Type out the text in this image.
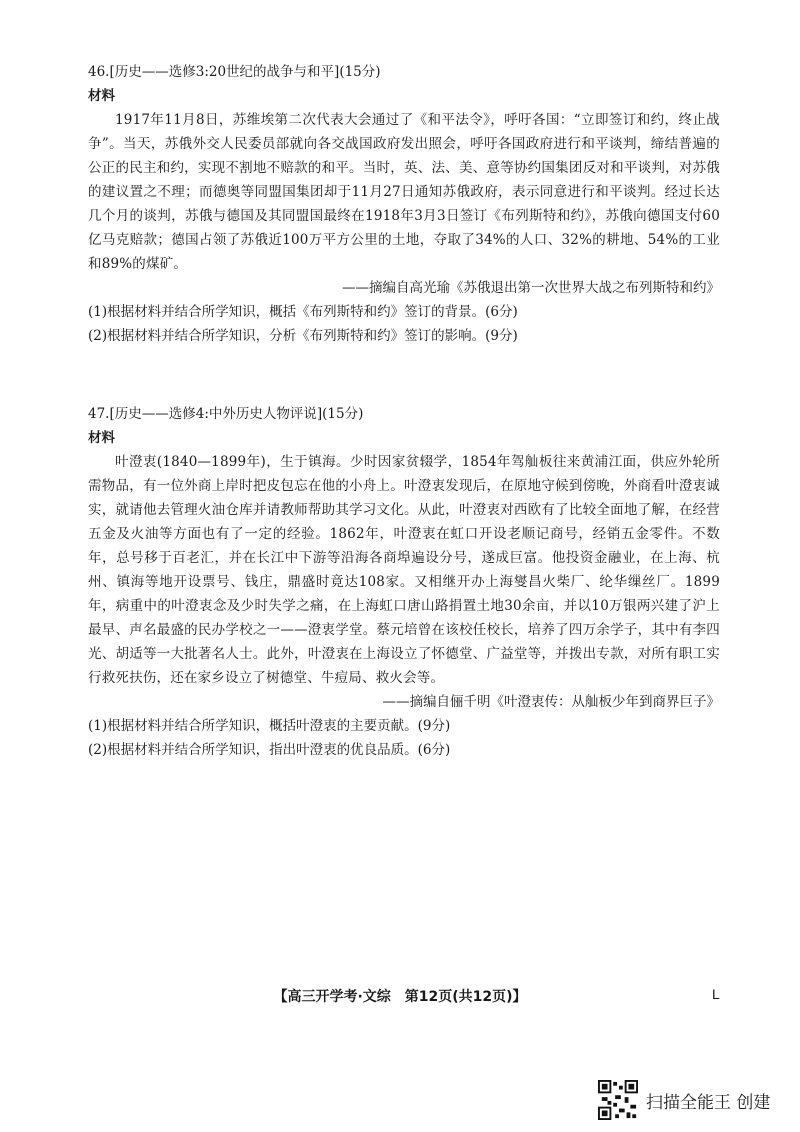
46.[历史——选修3:20世纪的战争与和平](15分)
材料
1917年11月8日，苏维埃第二次代表大会通过了《和平法令》，呼吁各国：“立即签订和约，终止战争”。当天，苏俄外交人民委员部就向各交战国政府发出照会，呼吁各国政府进行和平谈判，缔结普遍的公正的民主和约，实现不割地不赔款的和平。当时，英、法、美、意等协约国集团反对和平谈判，对苏俄的建议置之不理；而德奥等同盟国集团却于11月27日通知苏俄政府，表示同意进行和平谈判。经过长达几个月的谈判，苏俄与德国及其同盟国最终在1918年3月3日签订《布列斯特和约》，苏俄向德国支付60亿马克赔款；德国占领了苏俄近100万平方公里的土地，夺取了34%的人口、32%的耕地、54%的工业和89%的煤矿。
——摘编自高光瑜《苏俄退出第一次世界大战之布列斯特和约》
(1)根据材料并结合所学知识，概括《布列斯特和约》签订的背景。(6分)
(2)根据材料并结合所学知识，分析《布列斯特和约》签订的影响。(9分)
47.[历史——选修4:中外历史人物评说](15分)
材料
叶澄衷(1840—1899年)，生于镇海。少时因家贫辍学，1854年驾舢板往来黄浦江面，供应外轮所需物品，有一位外商上岸时把皮包忘在他的小舟上。叶澄衷发现后，在原地守候到傍晚，外商看叶澄衷诚实，就请他去管理火油仓库并请教师帮助其学习文化。从此，叶澄衷对西欧有了比较全面地了解，在经营五金及火油等方面也有了一定的经验。1862年，叶澄衷在虹口开设老顺记商号，经销五金零件。不数年，总号移于百老汇，并在长江中下游等沿海各商埠遍设分号，遂成巨富。他投资金融业，在上海、杭州、镇海等地开设票号、钱庄，鼎盛时竟达108家。又相继开办上海燮昌火柴厂、纶华缫丝厂。1899年，病重中的叶澄衷念及少时失学之痛，在上海虹口唐山路捐置土地30余亩，并以10万银两兴建了沪上最早、声名最盛的民办学校之一——澄衷学堂。蔡元培曾在该校任校长，培养了四万余学子，其中有李四光、胡适等一大批著名人士。此外，叶澄衷在上海设立了怀德堂、广益堂等，并拨出专款，对所有职工实行救死扶伤，还在家乡设立了树德堂、牛痘局、救火会等。
——摘编自俪千明《叶澄衷传：从舢板少年到商界巨子》
(1)根据材料并结合所学知识，概括叶澄衷的主要贡献。(9分)
(2)根据材料并结合所学知识，指出叶澄衷的优良品质。(6分)
【高三开学考·文综　第12页(共12页)】	L
扫描全能王 创建
